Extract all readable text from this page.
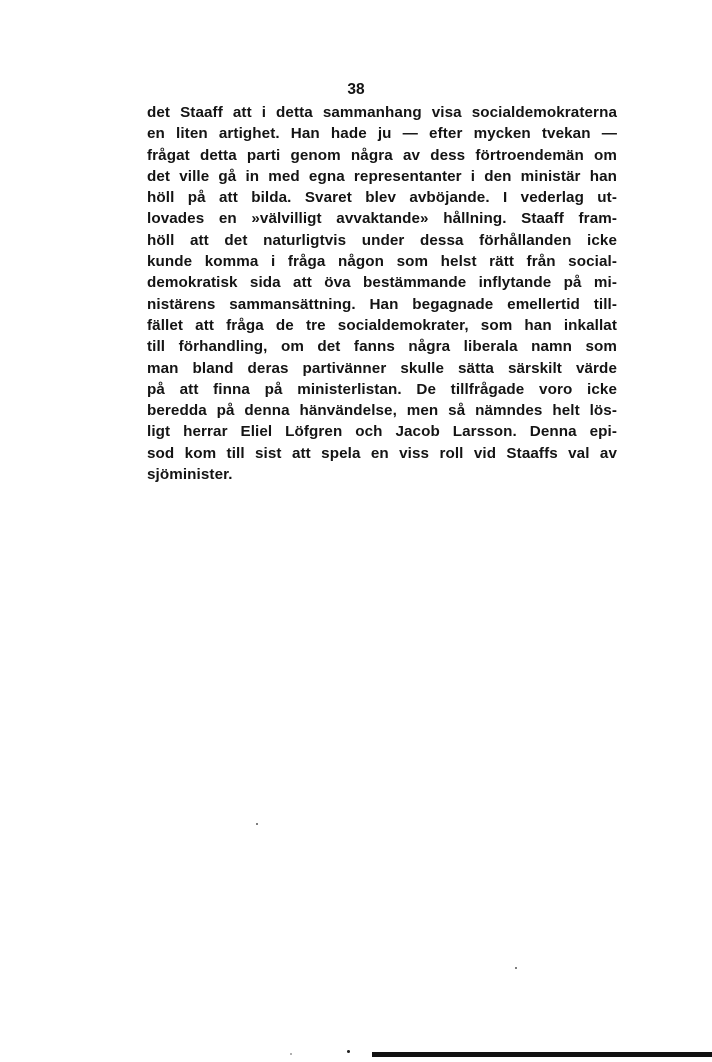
38
det Staaff att i detta sammanhang visa socialdemokraterna
en liten artighet. Han hade ju — efter mycken tvekan —
frågat detta parti genom några av dess förtroendemän om
det ville gå in med egna representanter i den ministär han
höll på att bilda. Svaret blev avböjande. I vederlag ut-
lovades en »välvilligt avvaktande» hållning. Staaff fram-
höll att det naturligtvis under dessa förhållanden icke
kunde komma i fråga någon som helst rätt från social-
demokratisk sida att öva bestämmande inflytande på mi-
nistärens sammansättning. Han begagnade emellertid till-
fället att fråga de tre socialdemokrater, som han inkallat
till förhandling, om det fanns några liberala namn som
man bland deras partivänner skulle sätta särskilt värde
på att finna på ministerlistan. De tillfrågade voro icke
beredda på denna hänvändelse, men så nämndes helt lös-
ligt herrar Eliel Löfgren och Jacob Larsson. Denna epi-
sod kom till sist att spela en viss roll vid Staaffs val av
sjöminister.
